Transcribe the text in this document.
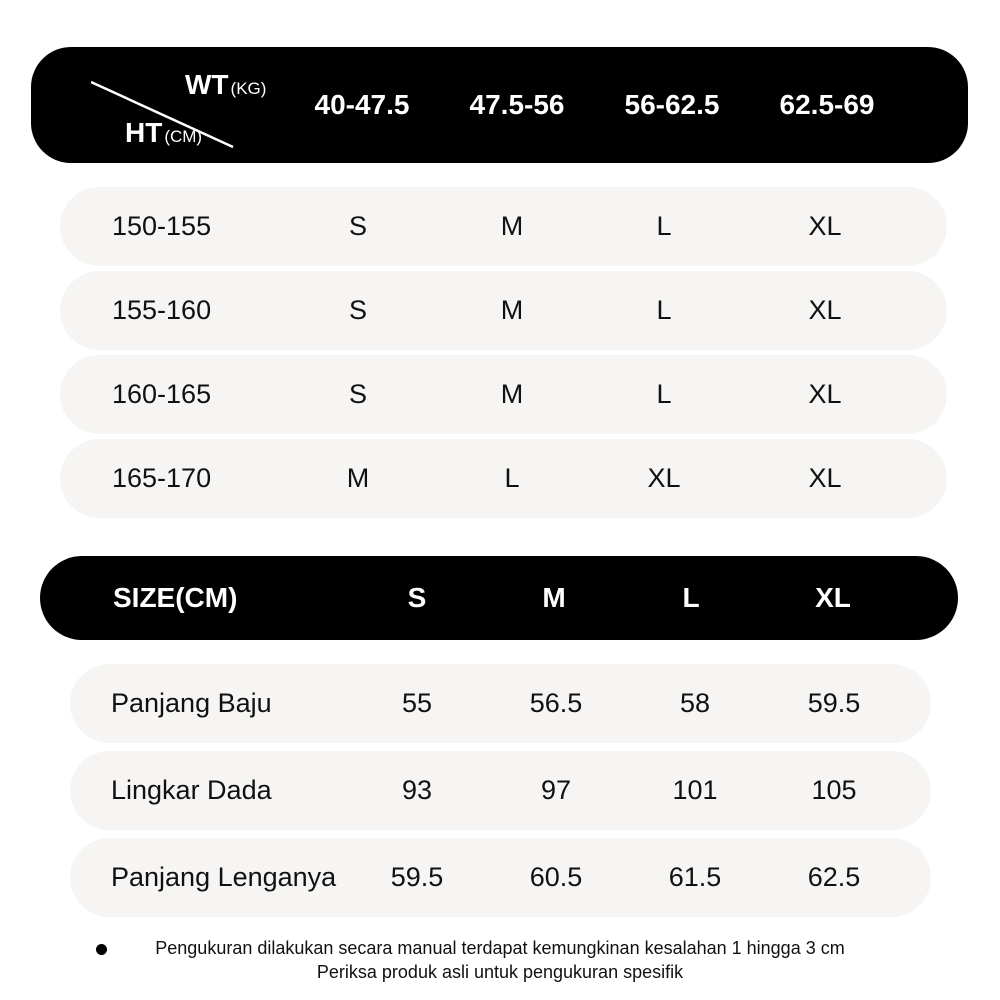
WT (KG)
HT (CM)
40-47.5	47.5-56	56-62.5	62.5-69
150-155	S	M	L	XL
155-160	S	M	L	XL
160-165	S	M	L	XL
165-170	M	L	XL	XL
SIZE(CM)	S	M	L	XL
Panjang Baju	55	56.5	58	59.5
Lingkar Dada	93	97	101	105
Panjang Lenganya	59.5	60.5	61.5	62.5
Pengukuran dilakukan secara manual terdapat kemungkinan kesalahan 1 hingga 3 cm
Periksa produk asli untuk pengukuran spesifik
